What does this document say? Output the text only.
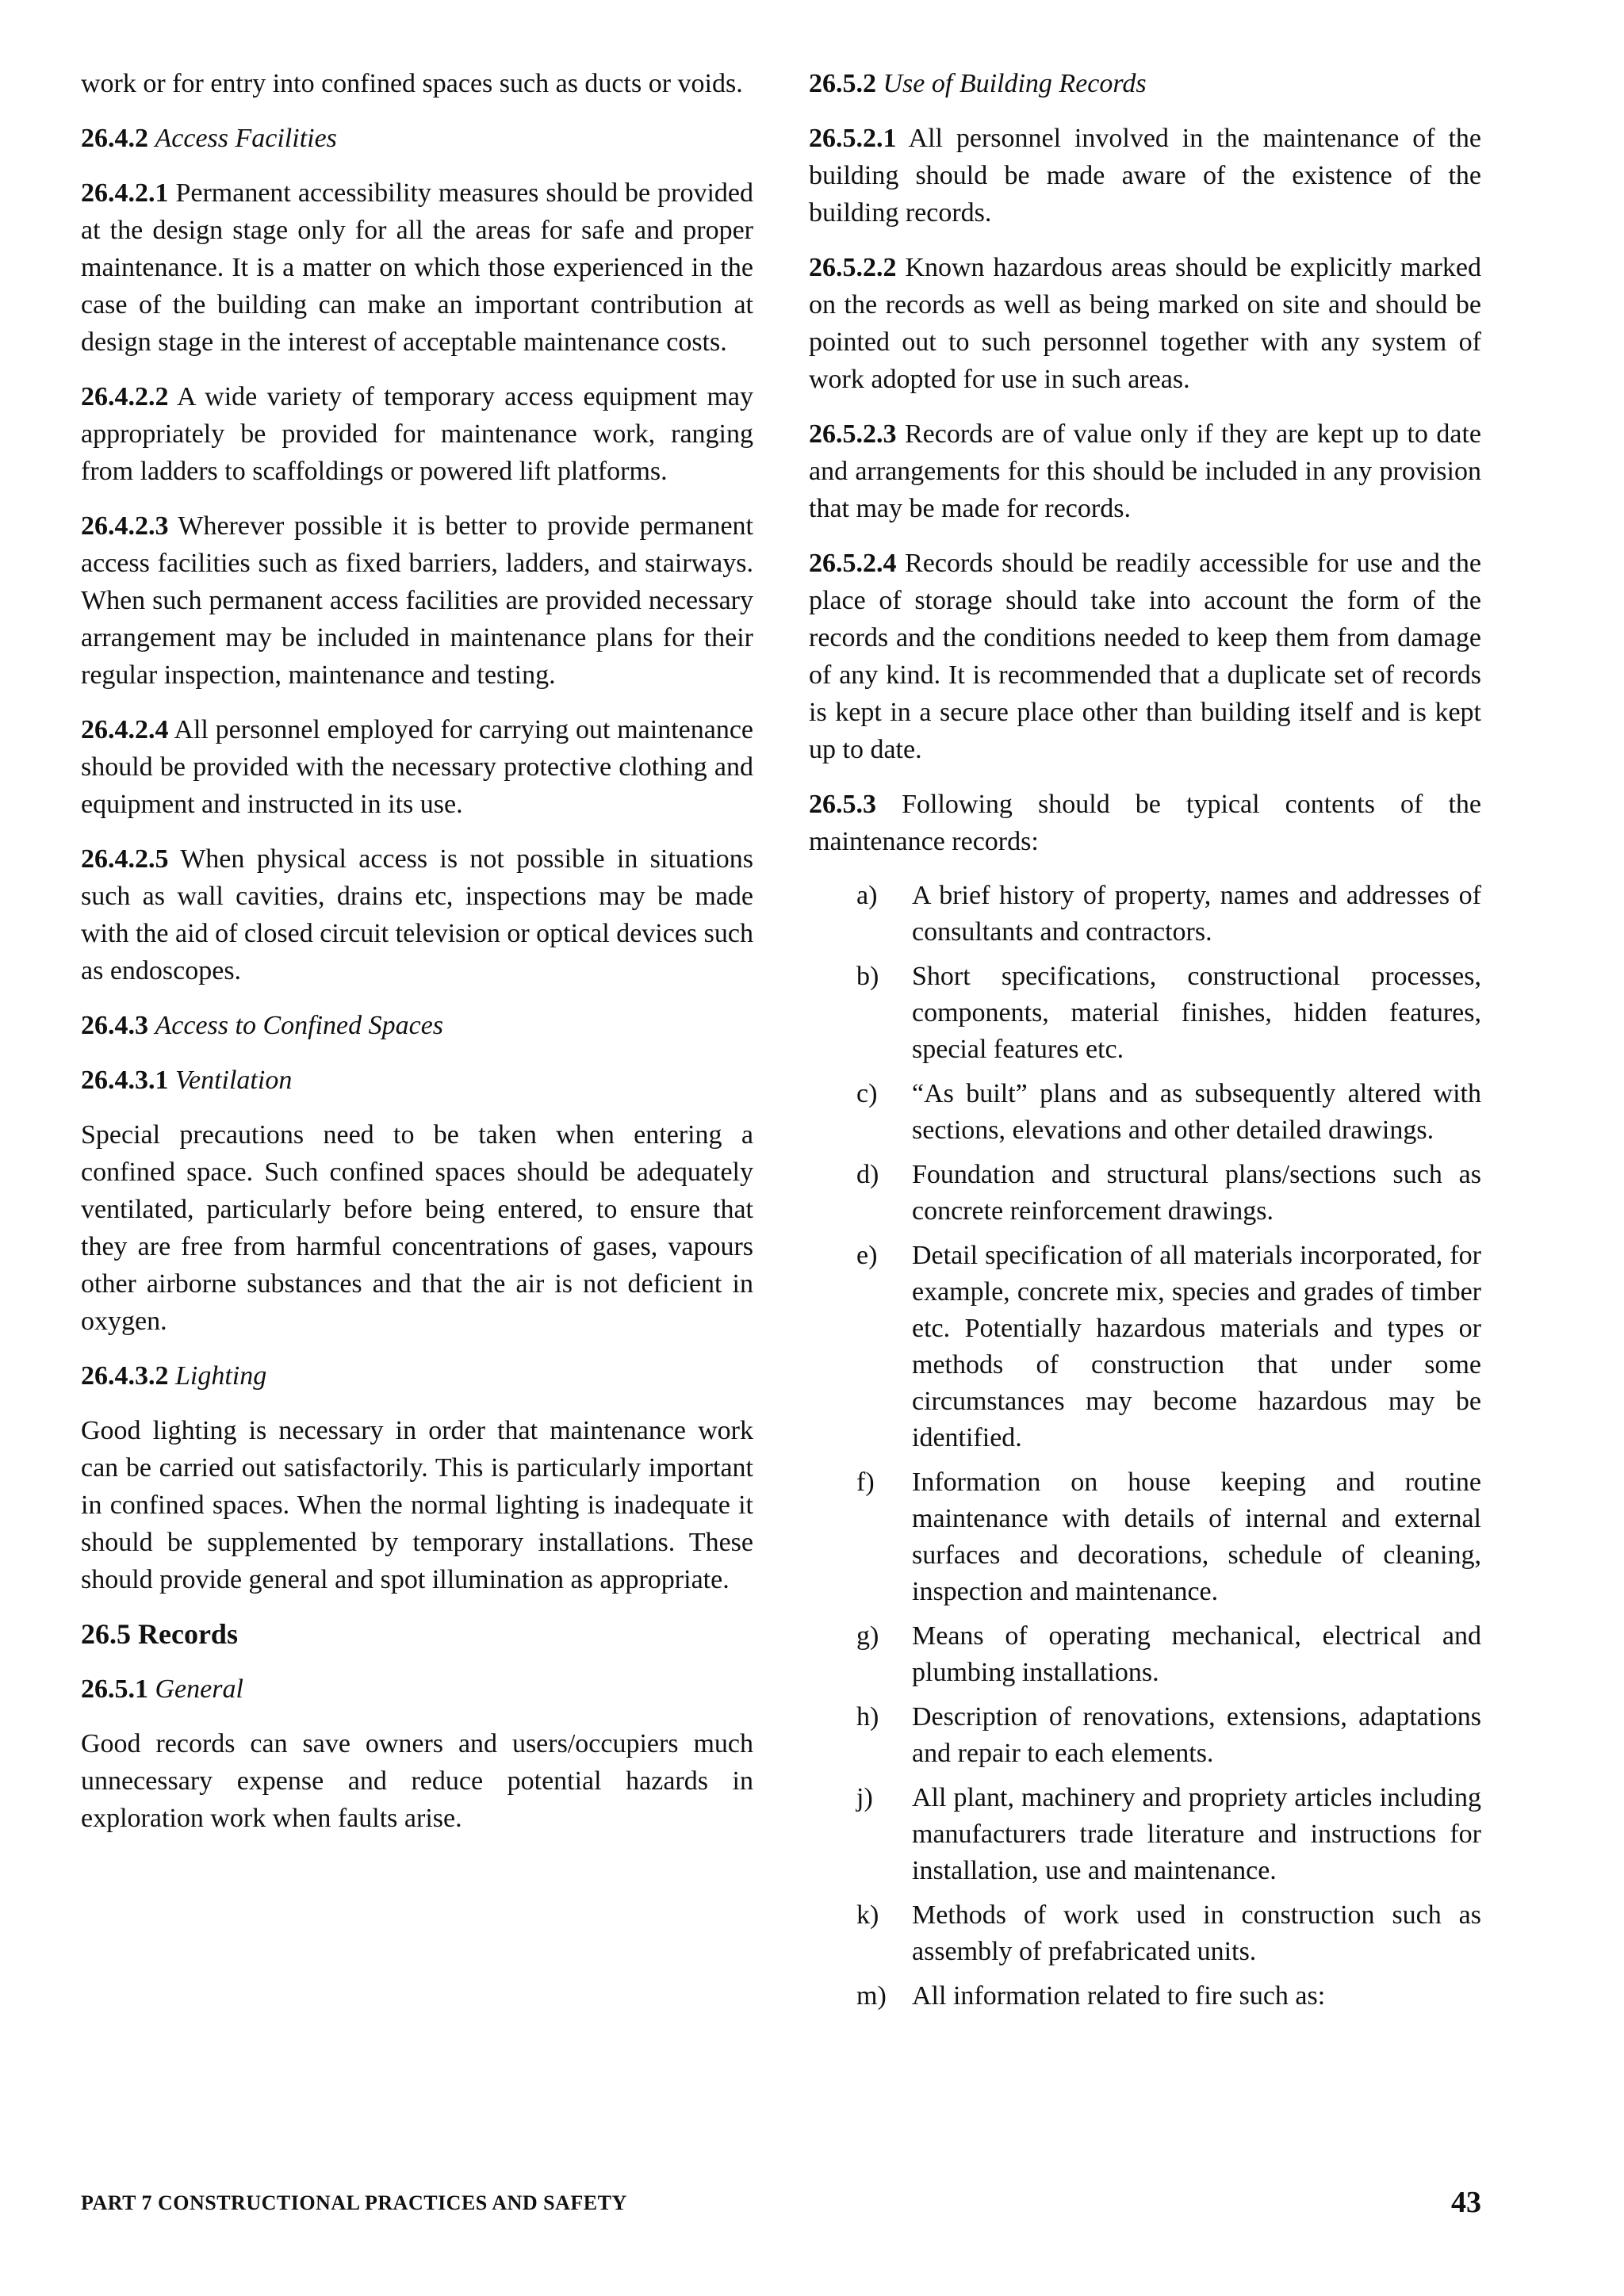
work or for entry into confined spaces such as ducts or voids.

26.4.2 Access Facilities

26.4.2.1 Permanent accessibility measures should be provided at the design stage only for all the areas for safe and proper maintenance. It is a matter on which those experienced in the case of the building can make an important contribution at design stage in the interest of acceptable maintenance costs.

26.4.2.2 A wide variety of temporary access equipment may appropriately be provided for maintenance work, ranging from ladders to scaffoldings or powered lift platforms.

26.4.2.3 Wherever possible it is better to provide permanent access facilities such as fixed barriers, ladders, and stairways. When such permanent access facilities are provided necessary arrangement may be included in maintenance plans for their regular inspection, maintenance and testing.

26.4.2.4 All personnel employed for carrying out maintenance should be provided with the necessary protective clothing and equipment and instructed in its use.

26.4.2.5 When physical access is not possible in situations such as wall cavities, drains etc, inspections may be made with the aid of closed circuit television or optical devices such as endoscopes.

26.4.3 Access to Confined Spaces

26.4.3.1 Ventilation

Special precautions need to be taken when entering a confined space. Such confined spaces should be adequately ventilated, particularly before being entered, to ensure that they are free from harmful concentrations of gases, vapours other airborne substances and that the air is not deficient in oxygen.

26.4.3.2 Lighting

Good lighting is necessary in order that maintenance work can be carried out satisfactorily. This is particularly important in confined spaces. When the normal lighting is inadequate it should be supplemented by temporary installations. These should provide general and spot illumination as appropriate.

26.5 Records

26.5.1 General

Good records can save owners and users/occupiers much unnecessary expense and reduce potential hazards in exploration work when faults arise.

26.5.2 Use of Building Records

26.5.2.1 All personnel involved in the maintenance of the building should be made aware of the existence of the building records.

26.5.2.2 Known hazardous areas should be explicitly marked on the records as well as being marked on site and should be pointed out to such personnel together with any system of work adopted for use in such areas.

26.5.2.3 Records are of value only if they are kept up to date and arrangements for this should be included in any provision that may be made for records.

26.5.2.4 Records should be readily accessible for use and the place of storage should take into account the form of the records and the conditions needed to keep them from damage of any kind. It is recommended that a duplicate set of records is kept in a secure place other than building itself and is kept up to date.

26.5.3 Following should be typical contents of the maintenance records:

a)	A brief history of property, names and addresses of consultants and contractors.
b)	Short specifications, constructional processes, components, material finishes, hidden features, special features etc.
c)	“As built” plans and as subsequently altered with sections, elevations and other detailed drawings.
d)	Foundation and structural plans/sections such as concrete reinforcement drawings.
e)	Detail specification of all materials incorporated, for example, concrete mix, species and grades of timber etc. Potentially hazardous materials and types or methods of construction that under some circumstances may become hazardous may be identified.
f)	Information on house keeping and routine maintenance with details of internal and external surfaces and decorations, schedule of cleaning, inspection and maintenance.
g)	Means of operating mechanical, electrical and plumbing installations.
h)	Description of renovations, extensions, adaptations and repair to each elements.
j)	All plant, machinery and propriety articles including manufacturers trade literature and instructions for installation, use and maintenance.
k)	Methods of work used in construction such as assembly of prefabricated units.
m) All information related to fire such as:
PART 7 CONSTRUCTIONAL PRACTICES AND SAFETY	43
